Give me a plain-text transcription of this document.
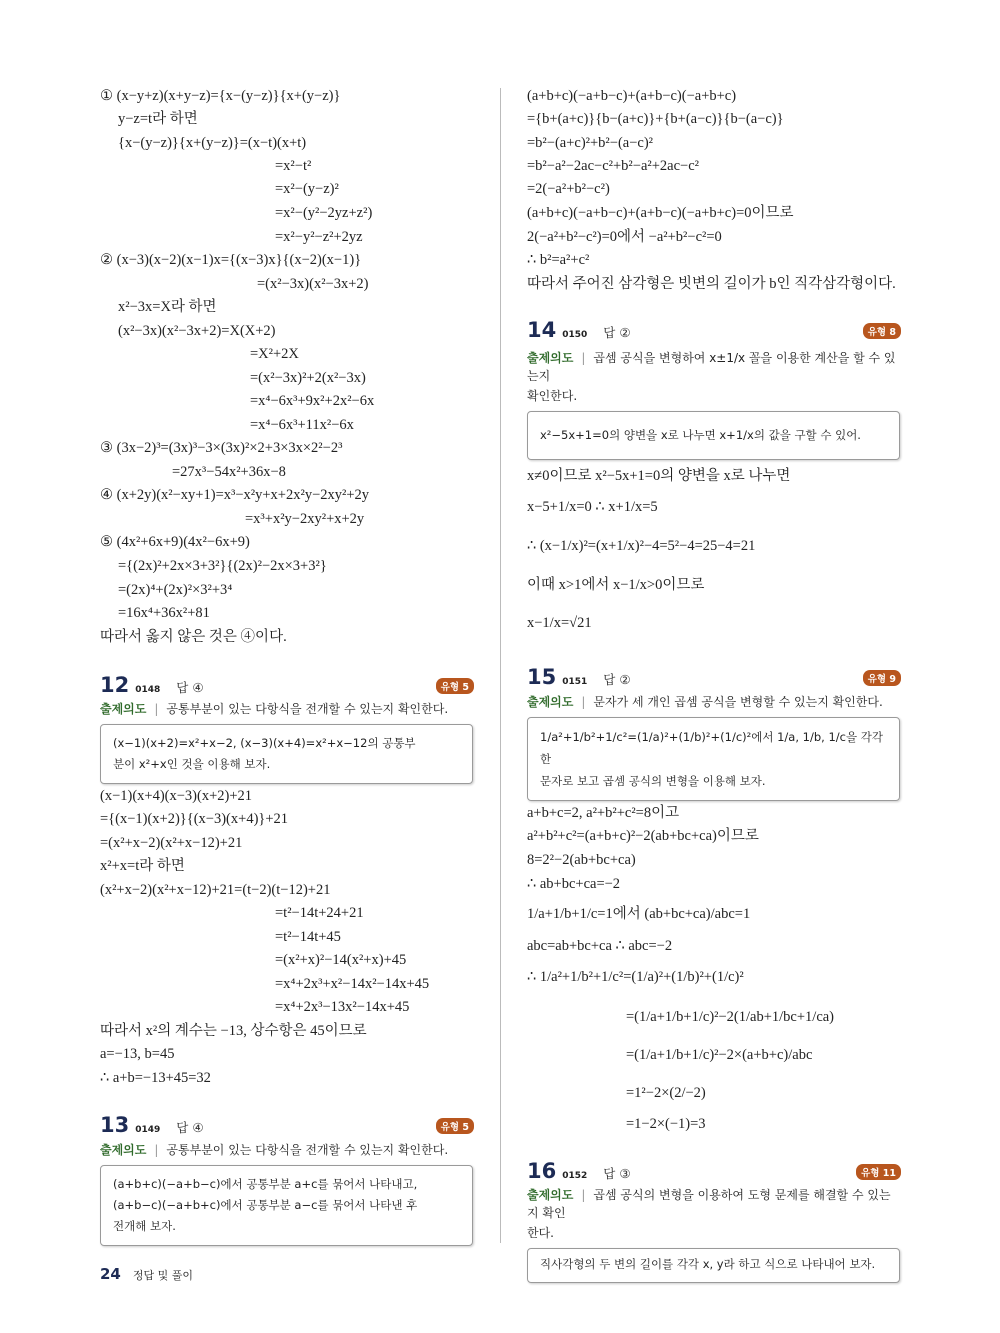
① (x−y+z)(x+y−z)={x−(y−z)}{x+(y−z)}
y−z=t라 하면
{x−(y−z)}{x+(y−z)}=(x−t)(x+t)
=x²−t²
=x²−(y−z)²
=x²−(y²−2yz+z²)
=x²−y²−z²+2yz
② (x−3)(x−2)(x−1)x={(x−3)x}{(x−2)(x−1)}
=(x²−3x)(x²−3x+2)
x²−3x=X라 하면
(x²−3x)(x²−3x+2)=X(X+2)
=X²+2X
=(x²−3x)²+2(x²−3x)
=x⁴−6x³+9x²+2x²−6x
=x⁴−6x³+11x²−6x
③ (3x−2)³=(3x)³−3×(3x)²×2+3×3x×2²−2³
=27x³−54x²+36x−8
④ (x+2y)(x²−xy+1)=x³−x²y+x+2x²y−2xy²+2y
=x³+x²y−2xy²+x+2y
⑤ (4x²+6x+9)(4x²−6x+9)
={(2x)²+2x×3+3²}{(2x)²−2x×3+3²}
=(2x)⁴+(2x)²×3²+3⁴
=16x⁴+36x²+81
따라서 옳지 않은 것은 ④이다.
12 0148 답 ④	유형 5
출제의도 | 공통부분이 있는 다항식을 전개할 수 있는지 확인한다.
(x−1)(x+2)=x²+x−2, (x−3)(x+4)=x²+x−12의 공통부
분이 x²+x인 것을 이용해 보자.
(x−1)(x+4)(x−3)(x+2)+21
={(x−1)(x+2)}{(x−3)(x+4)}+21
=(x²+x−2)(x²+x−12)+21
x²+x=t라 하면
(x²+x−2)(x²+x−12)+21=(t−2)(t−12)+21
=t²−14t+24+21
=t²−14t+45
=(x²+x)²−14(x²+x)+45
=x⁴+2x³+x²−14x²−14x+45
=x⁴+2x³−13x²−14x+45
따라서 x²의 계수는 −13, 상수항은 45이므로
a=−13, b=45
∴ a+b=−13+45=32
13 0149 답 ④	유형 5
출제의도 | 공통부분이 있는 다항식을 전개할 수 있는지 확인한다.
(a+b+c)(−a+b−c)에서 공통부분 a+c를 묶어서 나타내고,
(a+b−c)(−a+b+c)에서 공통부분 a−c를 묶어서 나타낸 후
전개해 보자.
24 정답 및 풀이
(a+b+c)(−a+b−c)+(a+b−c)(−a+b+c)
={b+(a+c)}{b−(a+c)}+{b+(a−c)}{b−(a−c)}
=b²−(a+c)²+b²−(a−c)²
=b²−a²−2ac−c²+b²−a²+2ac−c²
=2(−a²+b²−c²)
(a+b+c)(−a+b−c)+(a+b−c)(−a+b+c)=0이므로
2(−a²+b²−c²)=0에서 −a²+b²−c²=0
∴ b²=a²+c²
따라서 주어진 삼각형은 빗변의 길이가 b인 직각삼각형이다.
14 0150 답 ②	유형 8
출제의도 | 곱셈 공식을 변형하여 x±1/x 꼴을 이용한 계산을 할 수 있는지
확인한다.
x²−5x+1=0의 양변을 x로 나누면 x+1/x의 값을 구할 수 있어.
x≠0이므로 x²−5x+1=0의 양변을 x로 나누면
x−5+1/x=0 ∴ x+1/x=5
∴ (x−1/x)²=(x+1/x)²−4=5²−4=25−4=21
이때 x>1에서 x−1/x>0이므로
x−1/x=√21
15 0151 답 ②	유형 9
출제의도 | 문자가 세 개인 곱셈 공식을 변형할 수 있는지 확인한다.
1/a²+1/b²+1/c²=(1/a)²+(1/b)²+(1/c)²에서 1/a, 1/b, 1/c을 각각 한
문자로 보고 곱셈 공식의 변형을 이용해 보자.
a+b+c=2, a²+b²+c²=8이고
a²+b²+c²=(a+b+c)²−2(ab+bc+ca)이므로
8=2²−2(ab+bc+ca)
∴ ab+bc+ca=−2
1/a+1/b+1/c=1에서 (ab+bc+ca)/abc=1
abc=ab+bc+ca ∴ abc=−2
∴ 1/a²+1/b²+1/c²=(1/a)²+(1/b)²+(1/c)²
=(1/a+1/b+1/c)²−2(1/ab+1/bc+1/ca)
=(1/a+1/b+1/c)²−2×(a+b+c)/abc
=1²−2×(2/−2)
=1−2×(−1)=3
16 0152 답 ③	유형 11
출제의도 | 곱셈 공식의 변형을 이용하여 도형 문제를 해결할 수 있는지 확인
한다.
직사각형의 두 변의 길이를 각각 x, y라 하고 식으로 나타내어 보자.
